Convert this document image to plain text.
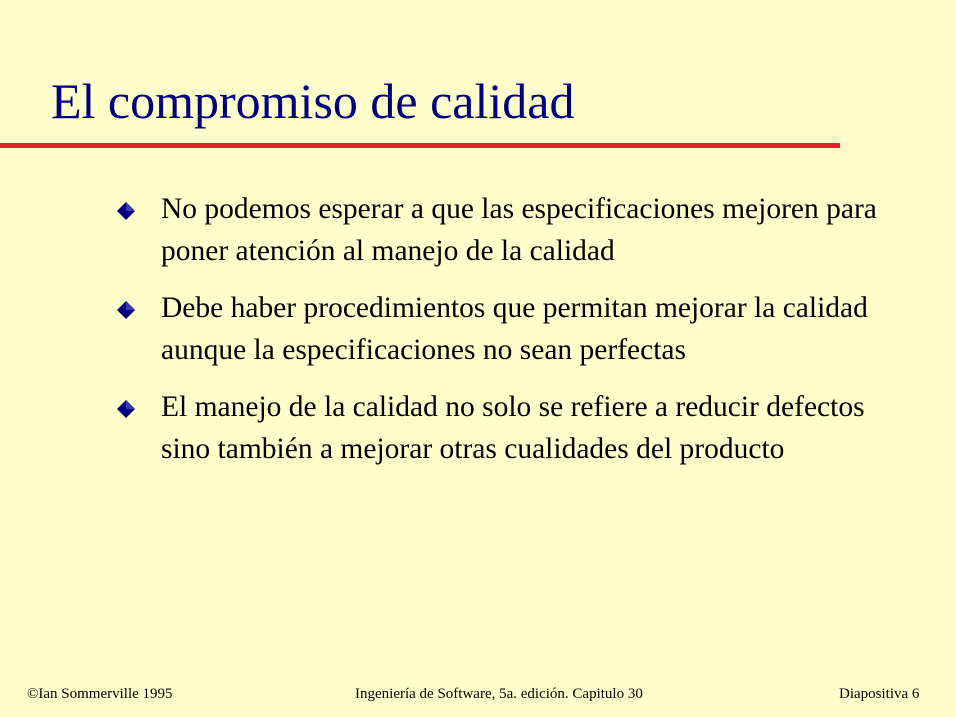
El compromiso de calidad
No podemos esperar a que las especificaciones mejoren para poner atención al manejo de la calidad
Debe haber procedimientos que permitan mejorar la calidad aunque la especificaciones no sean perfectas
El manejo de la calidad no solo se refiere a reducir defectos sino también a mejorar otras cualidades del producto
©Ian Sommerville 1995	Ingeniería de Software, 5a. edición. Capitulo 30	Diapositiva 6
